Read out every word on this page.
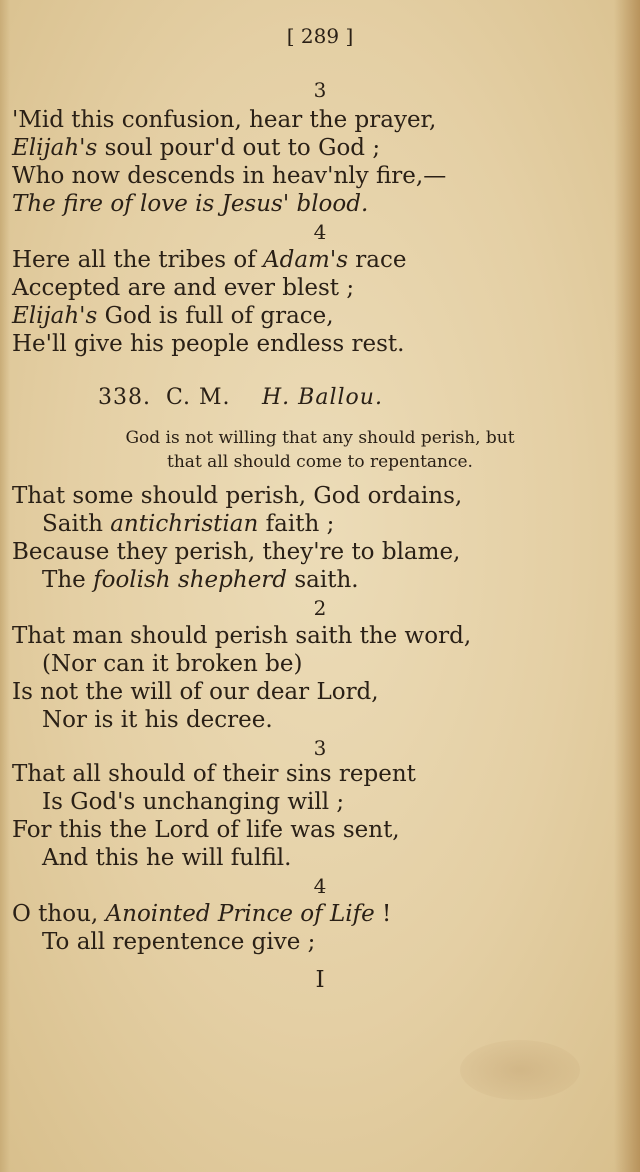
[ 289 ]
3
'Mid this confusion, hear the prayer,
Elijah's soul pour'd out to God ;
Who now descends in heav'nly fire,—
The fire of love is Jesus' blood.
4
Here all the tribes of Adam's race
Accepted are and ever blest ;
Elijah's God is full of grace,
He'll give his people endless rest.
338. C. M. H. Ballou.
God is not willing that any should perish, but
that all should come to repentance.
That some should perish, God ordains,
Saith antichristian faith ;
Because they perish, they're to blame,
The foolish shepherd saith.
2
That man should perish saith the word,
(Nor can it broken be)
Is not the will of our dear Lord,
Nor is it his decree.
3
That all should of their sins repent
Is God's unchanging will ;
For this the Lord of life was sent,
And this he will fulfil.
4
O thou, Anointed Prince of Life !
To all repentence give ;
I
